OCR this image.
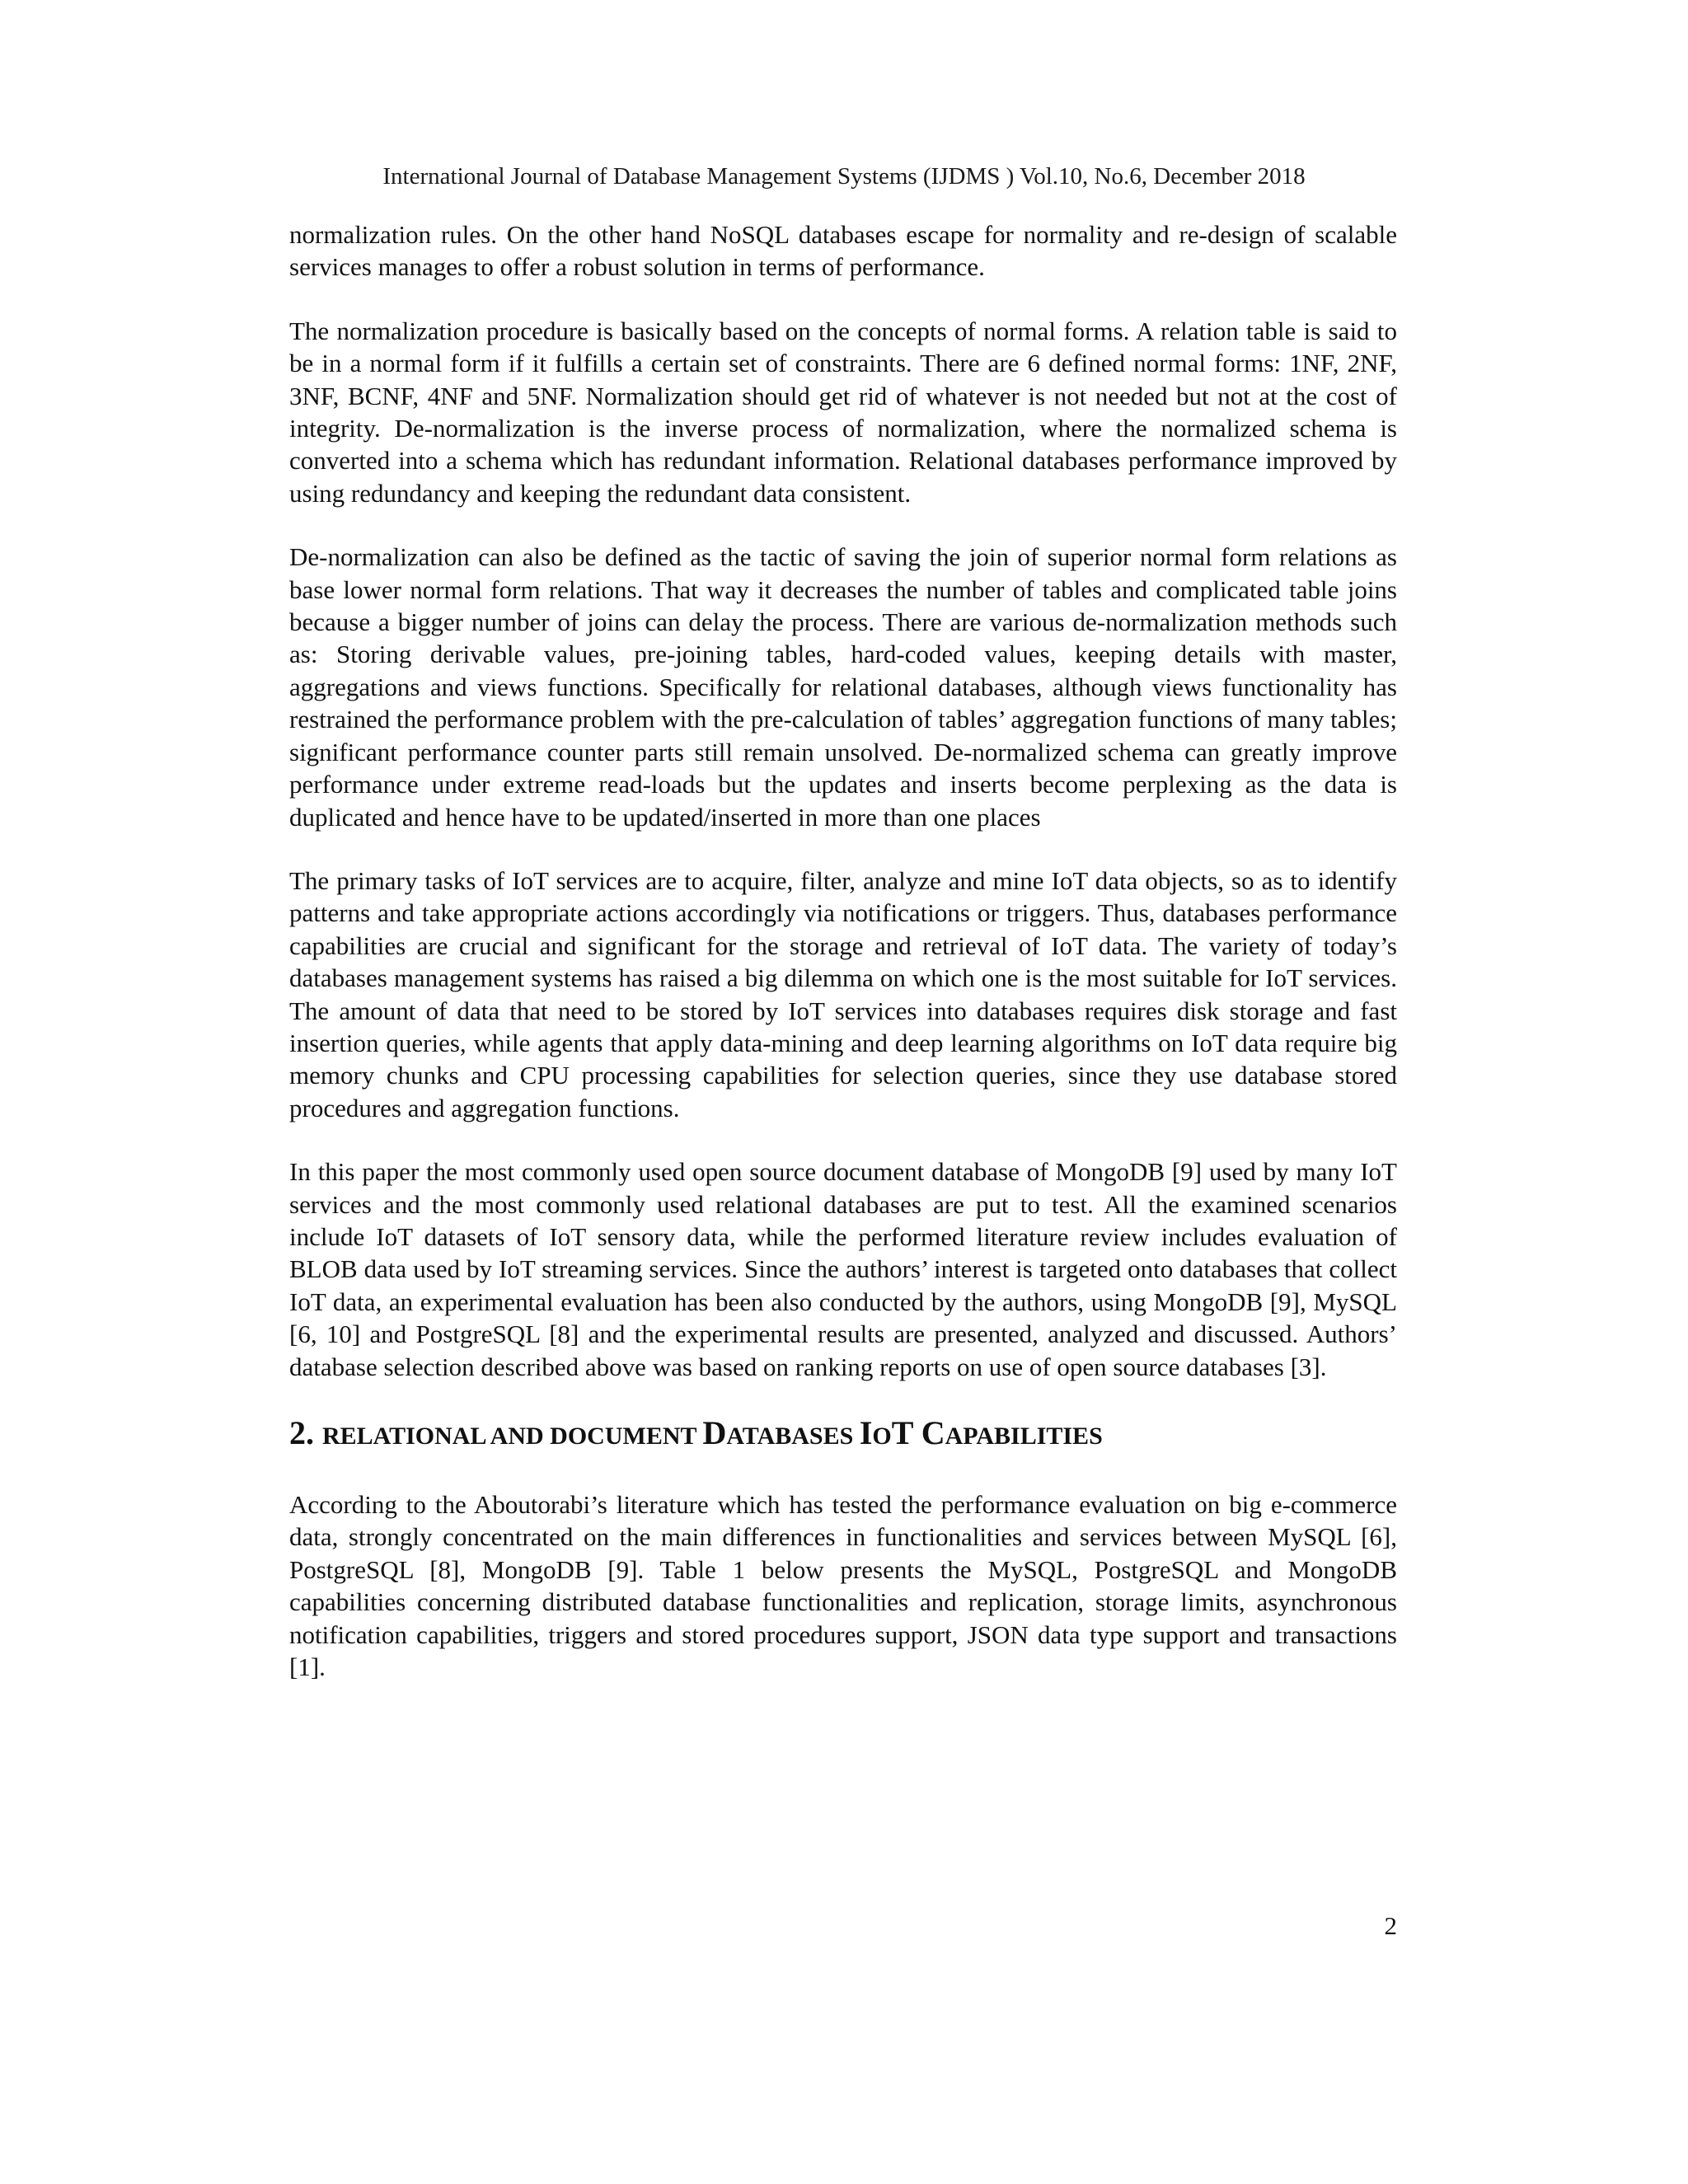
International Journal of Database Management Systems (IJDMS ) Vol.10, No.6, December 2018

normalization rules. On the other hand NoSQL databases escape for normality and re-design of scalable services manages to offer a robust solution in terms of performance.

The normalization procedure is basically based on the concepts of normal forms. A relation table is said to be in a normal form if it fulfills a certain set of constraints. There are 6 defined normal forms: 1NF, 2NF, 3NF, BCNF, 4NF and 5NF. Normalization should get rid of whatever is not needed but not at the cost of integrity. De-normalization is the inverse process of normalization, where the normalized schema is converted into a schema which has redundant information. Relational databases performance improved by using redundancy and keeping the redundant data consistent.

De-normalization can also be defined as the tactic of saving the join of superior normal form relations as base lower normal form relations. That way it decreases the number of tables and complicated table joins because a bigger number of joins can delay the process. There are various de-normalization methods such as: Storing derivable values, pre-joining tables, hard-coded values, keeping details with master, aggregations and views functions. Specifically for relational databases, although views functionality has restrained the performance problem with the pre-calculation of tables’ aggregation functions of many tables; significant performance counter parts still remain unsolved. De-normalized schema can greatly improve performance under extreme read-loads but the updates and inserts become perplexing as the data is duplicated and hence have to be updated/inserted in more than one places

The primary tasks of IoT services are to acquire, filter, analyze and mine IoT data objects, so as to identify patterns and take appropriate actions accordingly via notifications or triggers. Thus, databases performance capabilities are crucial and significant for the storage and retrieval of IoT data. The variety of today’s databases management systems has raised a big dilemma on which one is the most suitable for IoT services. The amount of data that need to be stored by IoT services into databases requires disk storage and fast insertion queries, while agents that apply data-mining and deep learning algorithms on IoT data require big memory chunks and CPU processing capabilities for selection queries, since they use database stored procedures and aggregation functions.

In this paper the most commonly used open source document database of MongoDB [9] used by many IoT services and the most commonly used relational databases are put to test. All the examined scenarios include IoT datasets of IoT sensory data, while the performed literature review includes evaluation of BLOB data used by IoT streaming services. Since the authors’ interest is targeted onto databases that collect IoT data, an experimental evaluation has been also conducted by the authors, using MongoDB [9], MySQL [6, 10] and PostgreSQL [8] and the experimental results are presented, analyzed and discussed. Authors’ database selection described above was based on ranking reports on use of open source databases [3].

2. RELATIONAL AND DOCUMENT DATABASES IOT CAPABILITIES

According to the Aboutorabi’s literature which has tested the performance evaluation on big e-commerce data, strongly concentrated on the main differences in functionalities and services between MySQL [6], PostgreSQL [8], MongoDB [9]. Table 1 below presents the MySQL, PostgreSQL and MongoDB capabilities concerning distributed database functionalities and replication, storage limits, asynchronous notification capabilities, triggers and stored procedures support, JSON data type support and transactions [1].

2
